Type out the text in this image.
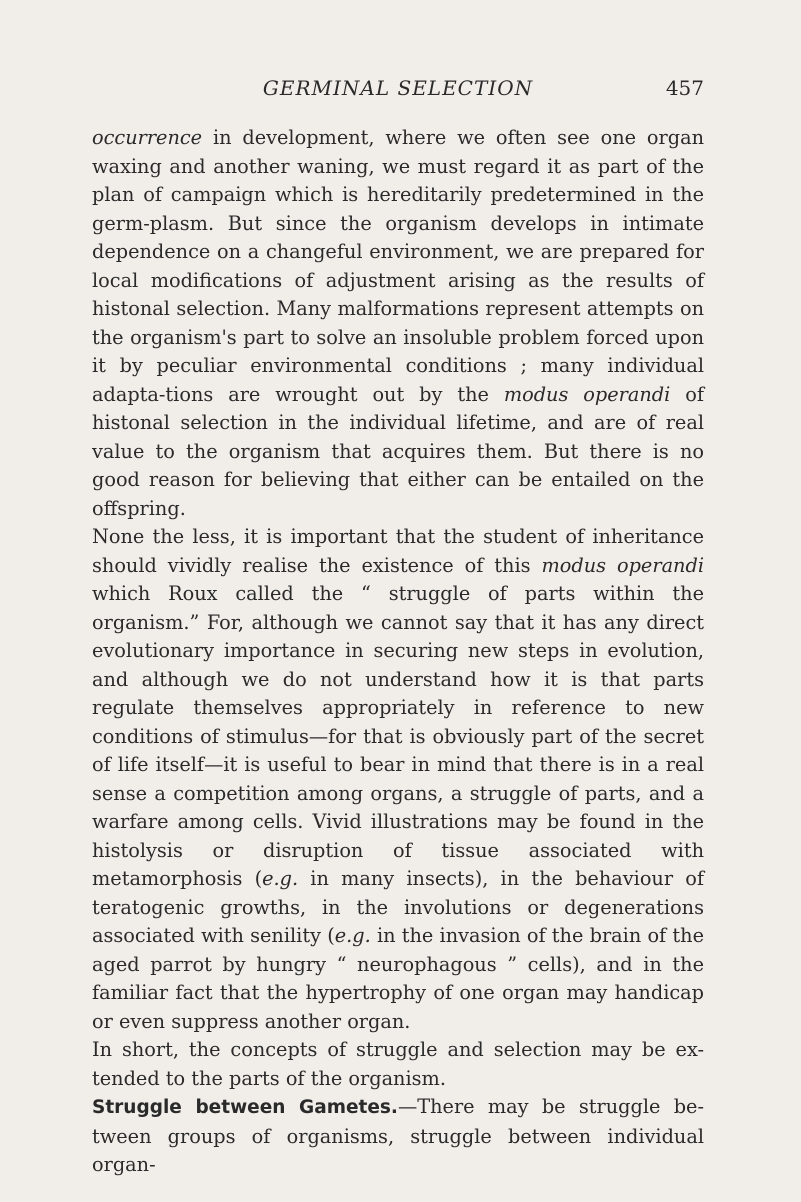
GERMINAL SELECTION	457

occurrence in development, where we often see one organ waxing and another waning, we must regard it as part of the plan of campaign which is hereditarily predetermined in the germ-plasm. But since the organism develops in intimate dependence on a changeful environment, we are prepared for local modifications of adjustment arising as the results of histonal selection. Many malformations represent attempts on the organism's part to solve an insoluble problem forced upon it by peculiar environmental conditions ; many individual adapta-tions are wrought out by the modus operandi of histonal selection in the individual lifetime, and are of real value to the organism that acquires them. But there is no good reason for believing that either can be entailed on the offspring.

None the less, it is important that the student of inheritance should vividly realise the existence of this modus operandi which Roux called the “ struggle of parts within the organism.” For, although we cannot say that it has any direct evolutionary importance in securing new steps in evolution, and although we do not understand how it is that parts regulate themselves appropriately in reference to new conditions of stimulus—for that is obviously part of the secret of life itself—it is useful to bear in mind that there is in a real sense a competition among organs, a struggle of parts, and a warfare among cells. Vivid illustrations may be found in the histolysis or disruption of tissue associated with metamorphosis (e.g. in many insects), in the behaviour of teratogenic growths, in the involutions or degenerations associated with senility (e.g. in the invasion of the brain of the aged parrot by hungry “ neurophagous ” cells), and in the familiar fact that the hypertrophy of one organ may handicap or even suppress another organ.

In short, the concepts of struggle and selection may be ex-tended to the parts of the organism.

Struggle between Gametes.—There may be struggle be-tween groups of organisms, struggle between individual organ-
